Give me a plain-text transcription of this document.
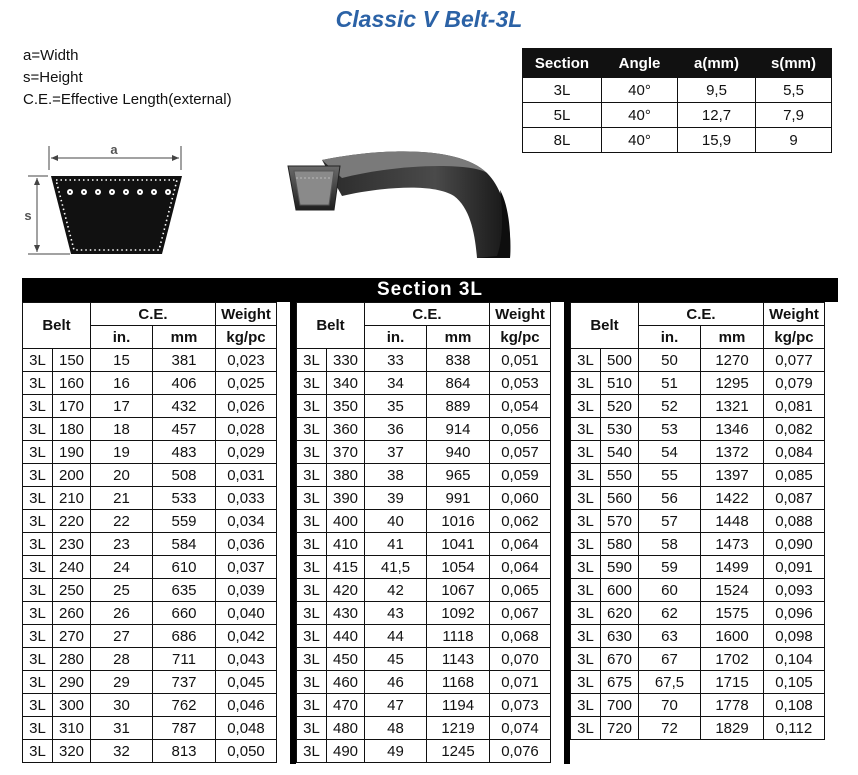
Classic V Belt-3L
a=Width
s=Height
C.E.=Effective Length(external)
Section	Angle	a(mm)	s(mm)
3L	40°	9,5	5,5
5L	40°	12,7	7,9
8L	40°	15,9	9
a
s
Section 3L
Belt		C.E.		Weight
		in.	mm	kg/pc
3L	150	15	381	0,023
3L	160	16	406	0,025
3L	170	17	432	0,026
3L	180	18	457	0,028
3L	190	19	483	0,029
3L	200	20	508	0,031
3L	210	21	533	0,033
3L	220	22	559	0,034
3L	230	23	584	0,036
3L	240	24	610	0,037
3L	250	25	635	0,039
3L	260	26	660	0,040
3L	270	27	686	0,042
3L	280	28	711	0,043
3L	290	29	737	0,045
3L	300	30	762	0,046
3L	310	31	787	0,048
3L	320	32	813	0,050
Belt		C.E.		Weight
		in.	mm	kg/pc
3L	330	33	838	0,051
3L	340	34	864	0,053
3L	350	35	889	0,054
3L	360	36	914	0,056
3L	370	37	940	0,057
3L	380	38	965	0,059
3L	390	39	991	0,060
3L	400	40	1016	0,062
3L	410	41	1041	0,064
3L	415	41,5	1054	0,064
3L	420	42	1067	0,065
3L	430	43	1092	0,067
3L	440	44	1118	0,068
3L	450	45	1143	0,070
3L	460	46	1168	0,071
3L	470	47	1194	0,073
3L	480	48	1219	0,074
3L	490	49	1245	0,076
Belt		C.E.		Weight
		in.	mm	kg/pc
3L	500	50	1270	0,077
3L	510	51	1295	0,079
3L	520	52	1321	0,081
3L	530	53	1346	0,082
3L	540	54	1372	0,084
3L	550	55	1397	0,085
3L	560	56	1422	0,087
3L	570	57	1448	0,088
3L	580	58	1473	0,090
3L	590	59	1499	0,091
3L	600	60	1524	0,093
3L	620	62	1575	0,096
3L	630	63	1600	0,098
3L	670	67	1702	0,104
3L	675	67,5	1715	0,105
3L	700	70	1778	0,108
3L	720	72	1829	0,112
